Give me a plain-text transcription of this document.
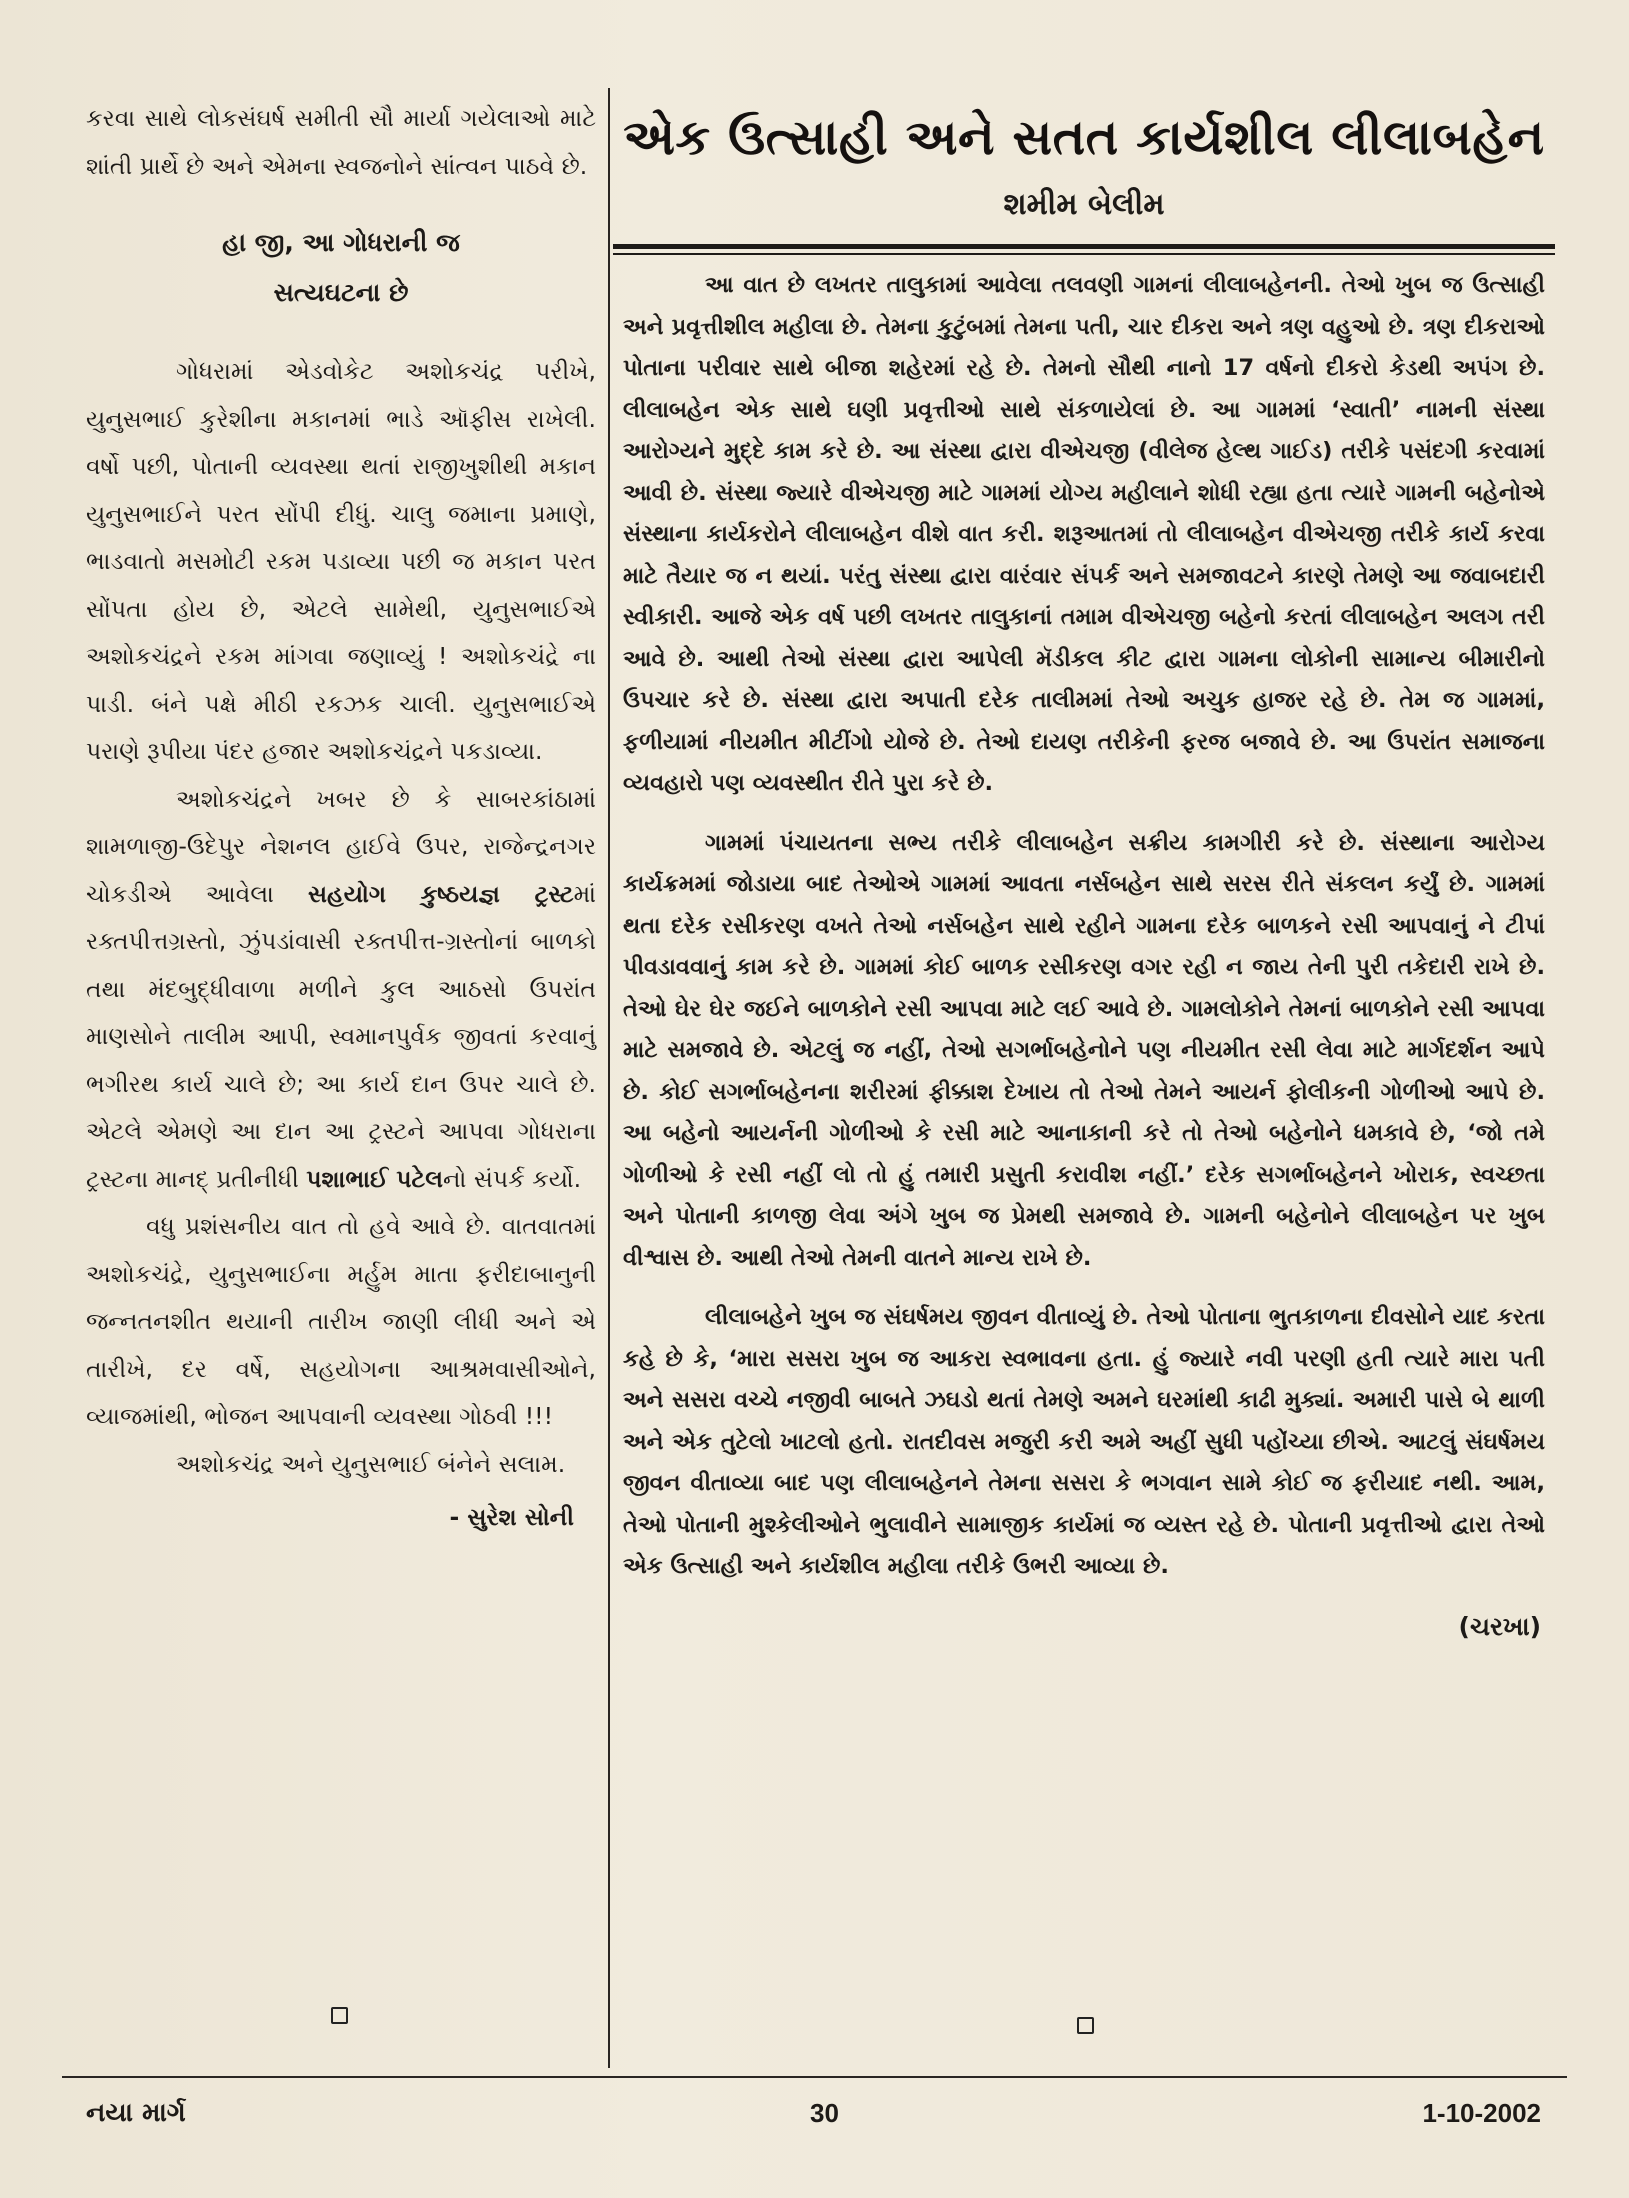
કરવા સાથે લોકસંઘર્ષ સમીતી સૌ માર્યા ગયેલાઓ માટે શાંતી પ્રાર્થે છે અને એમના સ્વજનોને સાંત્વન પાઠવે છે.

હા જી, આ ગોધરાની જ
સત્યઘટના છે

ગોધરામાં એડવોકેટ અશોકચંદ્ર પરીખે, યુનુસભાઈ કુરેશીના મકાનમાં ભાડે ઑફીસ રાખેલી. વર્ષો પછી, પોતાની વ્યવસ્થા થતાં રાજીખુશીથી મકાન યુનુસભાઈને પરત સોંપી દીધું. ચાલુ જમાના પ્રમાણે, ભાડવાતો મસમોટી રકમ પડાવ્યા પછી જ મકાન પરત સોંપતા હોય છે, એટલે સામેથી, યુનુસભાઈએ અશોકચંદ્રને રકમ માંગવા જણાવ્યું ! અશોકચંદ્રે ના પાડી. બંને પક્ષે મીઠી રકઝક ચાલી. યુનુસભાઈએ પરાણે રૂપીયા પંદર હજાર અશોકચંદ્રને પકડાવ્યા.

અશોકચંદ્રને ખબર છે કે સાબરકાંઠામાં શામળાજી-ઉદેપુર નેશનલ હાઈવે ઉપર, રાજેન્દ્રનગર ચોકડીએ આવેલા સહયોગ કુષ્ઠયજ્ઞ ટ્રસ્ટમાં રક્તપીત્તગ્રસ્તો, ઝુંપડાંવાસી રક્તપીત્ત-ગ્રસ્તોનાં બાળકો તથા મંદબુદ્ધીવાળા મળીને કુલ આઠસો ઉપરાંત માણસોને તાલીમ આપી, સ્વમાનપુર્વક જીવતાં કરવાનું ભગીરથ કાર્ય ચાલે છે; આ કાર્ય દાન ઉપર ચાલે છે. એટલે એમણે આ દાન આ ટ્રસ્ટને આપવા ગોધરાના ટ્રસ્ટના માનદ્ પ્રતીનીધી પશાભાઈ પટેલનો સંપર્ક કર્યો.

વધુ પ્રશંસનીય વાત તો હવે આવે છે. વાતવાતમાં અશોકચંદ્રે, યુનુસભાઈના મર્હુમ માતા ફરીદાબાનુની જન્નતનશીત થયાની તારીખ જાણી લીધી અને એ તારીખે, દર વર્ષે, સહયોગના આશ્રમવાસીઓને, વ્યાજમાંથી, ભોજન આપવાની વ્યવસ્થા ગોઠવી !!!

અશોકચંદ્ર અને યુનુસભાઈ બંનેને સલામ.

- સુરેશ સોની
એક ઉત્સાહી અને સતત કાર્યશીલ લીલાબહેન
શમીમ બેલીમ

આ વાત છે લખતર તાલુકામાં આવેલા તલવણી ગામનાં લીલાબહેનની. તેઓ ખુબ જ ઉત્સાહી અને પ્રવૃત્તીશીલ મહીલા છે. તેમના કુટુંબમાં તેમના પતી, ચાર દીકરા અને ત્રણ વહુઓ છે. ત્રણ દીકરાઓ પોતાના પરીવાર સાથે બીજા શહેરમાં રહે છે. તેમનો સૌથી નાનો 17 વર્ષનો દીકરો કેડથી અપંગ છે. લીલાબહેન એક સાથે ઘણી પ્રવૃત્તીઓ સાથે સંકળાયેલાં છે. આ ગામમાં ‘સ્વાતી’ નામની સંસ્થા આરોગ્યને મુદ્દે કામ કરે છે. આ સંસ્થા દ્વારા વીએચજી (વીલેજ હેલ્થ ગાઈડ) તરીકે પસંદગી કરવામાં આવી છે. સંસ્થા જ્યારે વીએચજી માટે ગામમાં યોગ્ય મહીલાને શોધી રહ્યા હતા ત્યારે ગામની બહેનોએ સંસ્થાના કાર્યકરોને લીલાબહેન વીશે વાત કરી. શરૂઆતમાં તો લીલાબહેન વીએચજી તરીકે કાર્ય કરવા માટે તૈયાર જ ન થયાં. પરંતુ સંસ્થા દ્વારા વારંવાર સંપર્ક અને સમજાવટને કારણે તેમણે આ જવાબદારી સ્વીકારી. આજે એક વર્ષ પછી લખતર તાલુકાનાં તમામ વીએચજી બહેનો કરતાં લીલાબહેન અલગ તરી આવે છે. આથી તેઓ સંસ્થા દ્વારા આપેલી મૅડીકલ કીટ દ્વારા ગામના લોકોની સામાન્ય બીમારીનો ઉપચાર કરે છે. સંસ્થા દ્વારા અપાતી દરેક તાલીમમાં તેઓ અચુક હાજર રહે છે. તેમ જ ગામમાં, ફળીયામાં નીયમીત મીટીંગો યોજે છે. તેઓ દાયણ તરીકેની ફરજ બજાવે છે. આ ઉપરાંત સમાજના વ્યવહારો પણ વ્યવસ્થીત રીતે પુરા કરે છે.

ગામમાં પંચાયતના સભ્ય તરીકે લીલાબહેન સક્રીય કામગીરી કરે છે. સંસ્થાના આરોગ્ય કાર્યક્રમમાં જોડાયા બાદ તેઓએ ગામમાં આવતા નર્સબહેન સાથે સરસ રીતે સંકલન કર્યું છે. ગામમાં થતા દરેક રસીકરણ વખતે તેઓ નર્સબહેન સાથે રહીને ગામના દરેક બાળકને રસી આપવાનું ને ટીપાં પીવડાવવાનું કામ કરે છે. ગામમાં કોઈ બાળક રસીકરણ વગર રહી ન જાય તેની પુરી તકેદારી રાખે છે. તેઓ ઘેર ઘેર જઈને બાળકોને રસી આપવા માટે લઈ આવે છે. ગામલોકોને તેમનાં બાળકોને રસી આપવા માટે સમજાવે છે. એટલું જ નહીં, તેઓ સગર્ભાબહેનોને પણ નીયમીત રસી લેવા માટે માર્ગદર્શન આપે છે. કોઈ સગર્ભાબહેનના શરીરમાં ફીક્કાશ દેખાય તો તેઓ તેમને આયર્ન ફોલીકની ગોળીઓ આપે છે. આ બહેનો આયર્નની ગોળીઓ કે રસી માટે આનાકાની કરે તો તેઓ બહેનોને ધમકાવે છે, ‘જો તમે ગોળીઓ કે રસી નહીં લો તો હું તમારી પ્રસુતી કરાવીશ નહીં.’ દરેક સગર્ભાબહેનને ખોરાક, સ્વચ્છતા અને પોતાની કાળજી લેવા અંગે ખુબ જ પ્રેમથી સમજાવે છે. ગામની બહેનોને લીલાબહેન પર ખુબ વીશ્વાસ છે. આથી તેઓ તેમની વાતને માન્ય રાખે છે.

લીલાબહેને ખુબ જ સંઘર્ષમય જીવન વીતાવ્યું છે. તેઓ પોતાના ભુતકાળના દીવસોને યાદ કરતા કહે છે કે, ‘મારા સસરા ખુબ જ આકરા સ્વભાવના હતા. હું જ્યારે નવી પરણી હતી ત્યારે મારા પતી અને સસરા વચ્ચે નજીવી બાબતે ઝઘડો થતાં તેમણે અમને ઘરમાંથી કાઢી મુક્યાં. અમારી પાસે બે થાળી અને એક તુટેલો ખાટલો હતો. રાતદીવસ મજુરી કરી અમે અહીં સુધી પહોંચ્યા છીએ. આટલું સંઘર્ષમય જીવન વીતાવ્યા બાદ પણ લીલાબહેનને તેમના સસરા કે ભગવાન સામે કોઈ જ ફરીયાદ નથી. આમ, તેઓ પોતાની મુશ્કેલીઓને ભુલાવીને સામાજીક કાર્યમાં જ વ્યસ્ત રહે છે. પોતાની પ્રવૃત્તીઓ દ્વારા તેઓ એક ઉત્સાહી અને કાર્યશીલ મહીલા તરીકે ઉભરી આવ્યા છે.

(ચરખા)
નયા માર્ગ	30	1-10-2002
